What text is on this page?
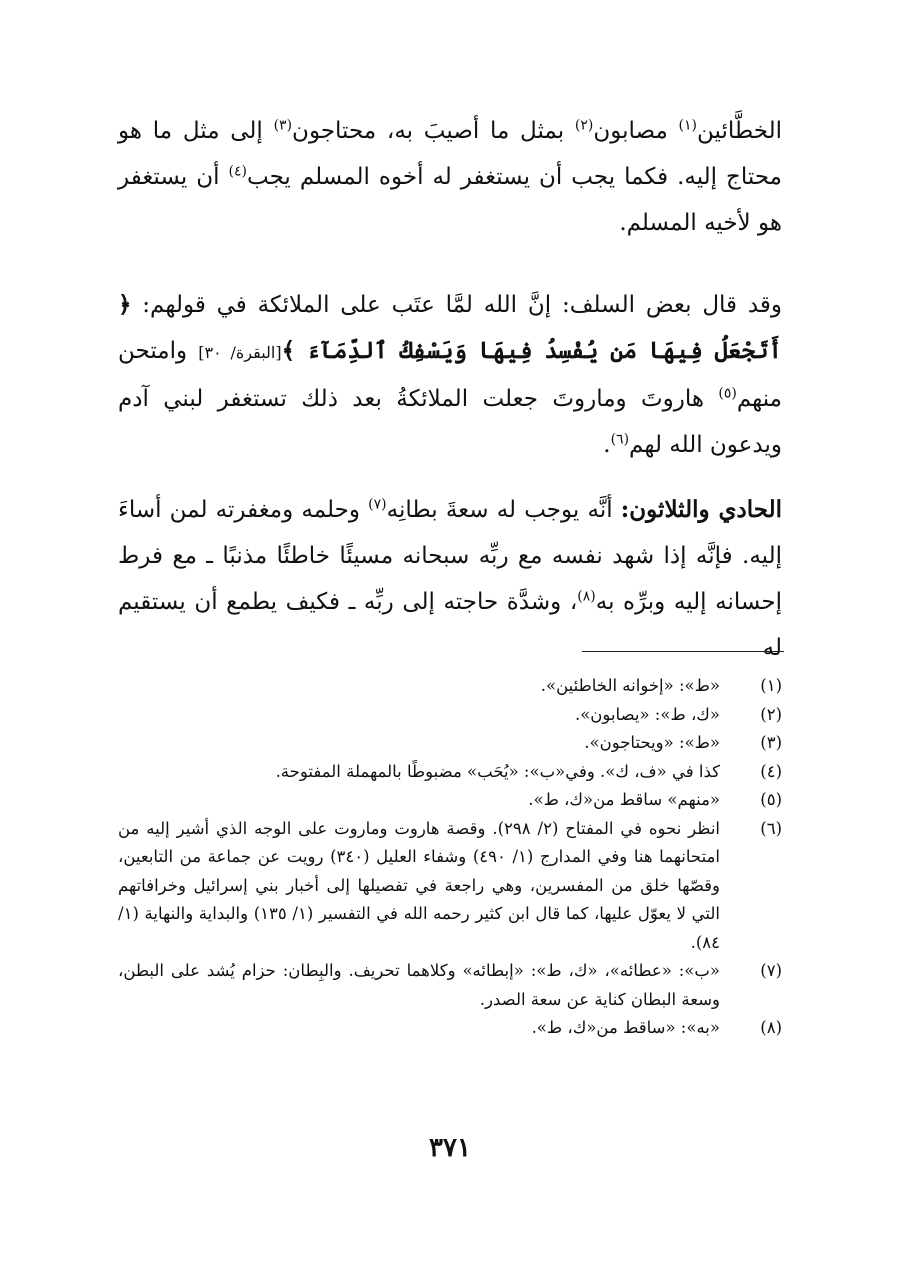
الخطَّائين$^{(١)}$ مصابون$^{(٢)}$ بمثل ما أصيبَ به، محتاجون$^{(٣)}$ إلى مثل ما هو محتاج إليه. فكما يجب أن يستغفر له أخوه المسلم يجب$^{(٤)}$ أن يستغفر هو لأخيه المسلم.

وقد قال بعض السلف: إنَّ الله لمَّا عتَب على الملائكة في قولهم: ﴿ أَتَجْعَلُ فِيهَا مَن يُفْسِدُ فِيهَا وَيَسْفِكُ ٱلدِّمَآءَ ﴾[البقرة/ ٣٠] وامتحن منهم$^{(٥)}$ هاروتَ وماروتَ جعلت الملائكةُ بعد ذلك تستغفر لبني آدم ويدعون الله لهم$^{(٦)}$.

الحادي والثلاثون: أنَّه يوجب له سعةَ بطانِه$^{(٧)}$ وحلمه ومغفرته لمن أساءَ إليه. فإنَّه إذا شهد نفسه مع ربِّه سبحانه مسيئًا خاطئًا مذنبًا ـ مع فرط إحسانه إليه وبرِّه به$^{(٨)}$، وشدَّة حاجته إلى ربِّه ـ فكيف يطمع أن يستقيم له

(١)
«ط»: «إخوانه الخاطئين».
(٢)
«ك، ط»: «يصابون».
(٣)
«ط»: «ويحتاجون».
(٤)
كذا في «ف، ك». وفي«ب»: «يُحَب» مضبوطًا بالمهملة المفتوحة.
(٥)
«منهم» ساقط من«ك، ط».
(٦)
انظر نحوه في المفتاح (٢/ ٢٩٨). وقصة هاروت وماروت على الوجه الذي أشير إليه من امتحانهما هنا وفي المدارج (١/ ٤٩٠) وشفاء العليل (٣٤٠) رويت عن جماعة من التابعين، وقصّها خلق من المفسرين، وهي راجعة في تفصيلها إلى أخبار بني إسرائيل وخرافاتهم التي لا يعوّل عليها، كما قال ابن كثير رحمه الله في التفسير (١/ ١٣٥) والبداية والنهاية (١/ ٨٤).
(٧)
«ب»: «عطائه»، «ك، ط»: «إبطائه» وكلاهما تحريف. والبِطان: حزام يُشد على البطن، وسعة البطان كناية عن سعة الصدر.
(٨)
«به»: «ساقط من«ك، ط».
٣٧١
